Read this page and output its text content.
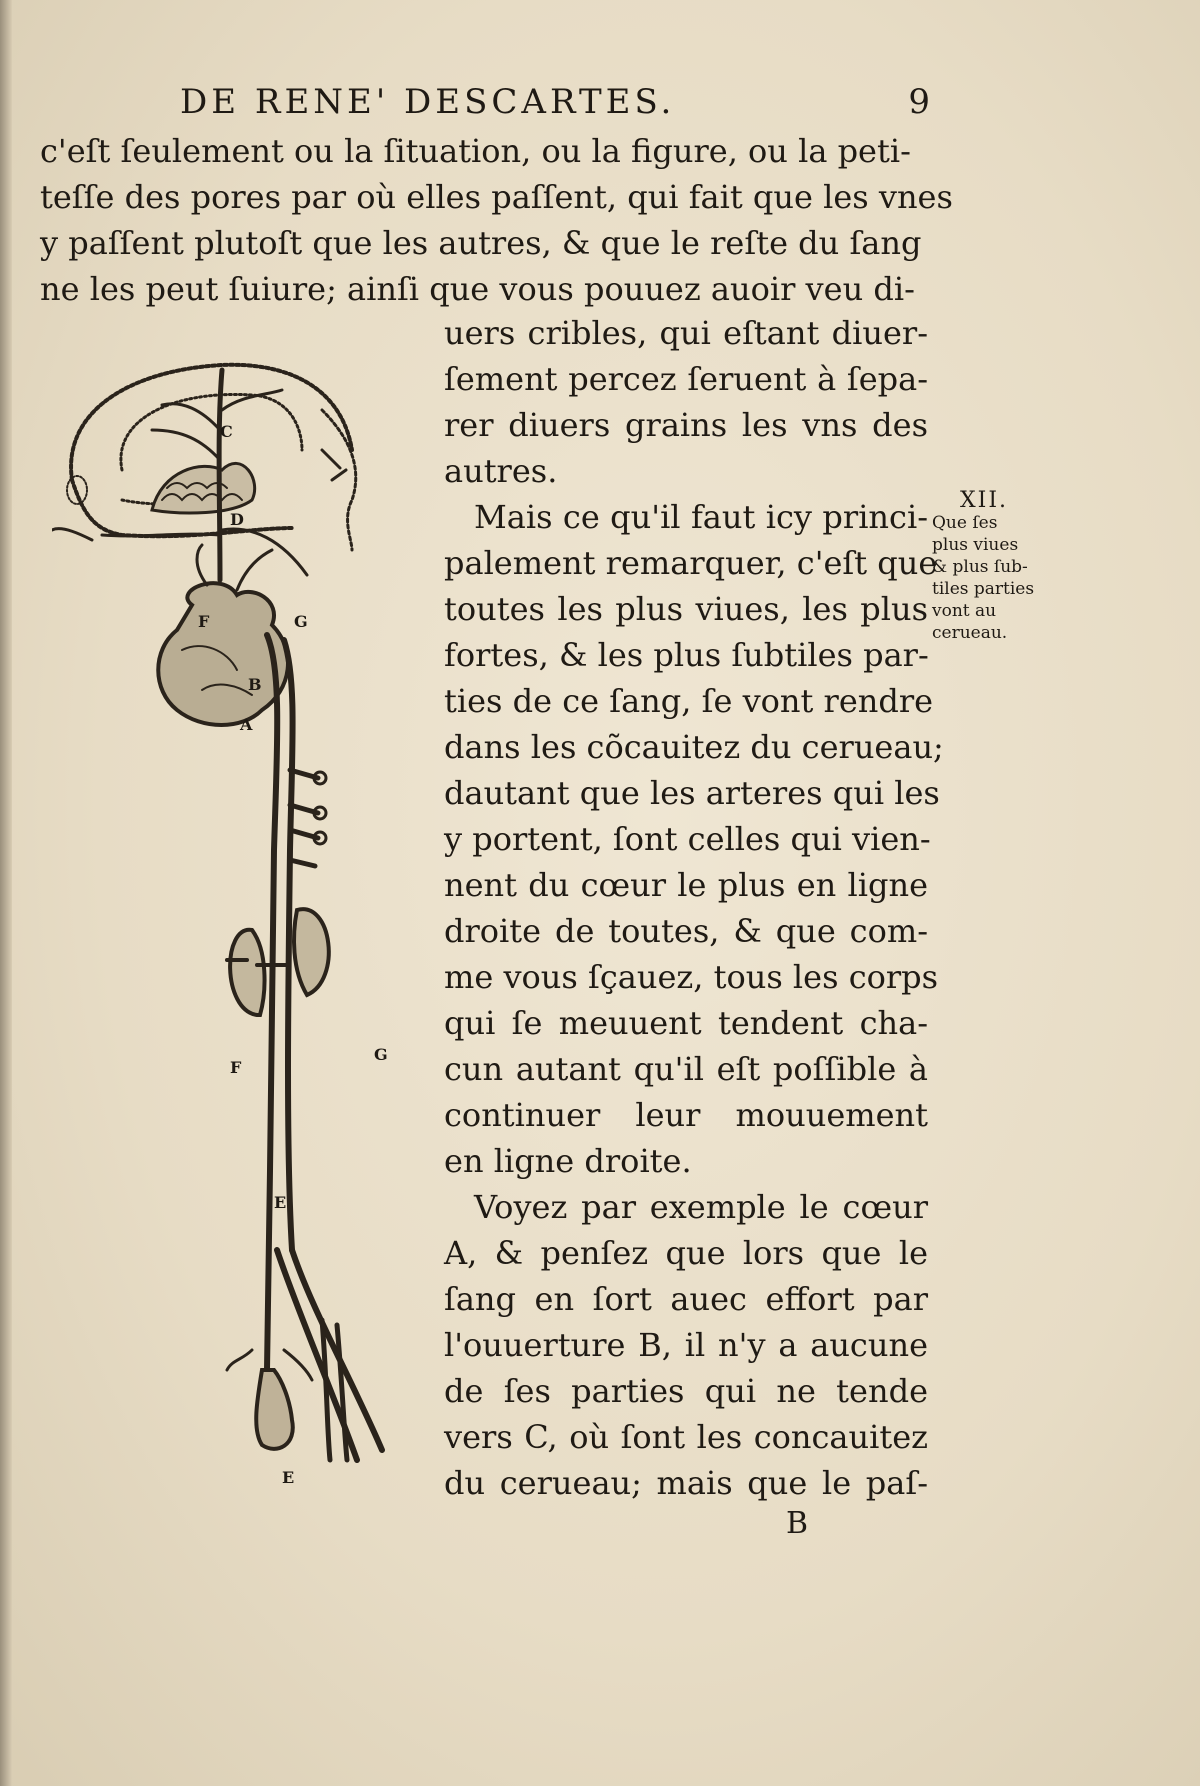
DE RENE' DESCARTES.	9
c'eſt ſeulement ou la ſituation, ou la figure, ou la peti-
teſſe des pores par où elles paſſent, qui fait que les vnes
y paſſent plutoſt que les autres, & que le reſte du ſang
ne les peut ſuiure; ainſi que vous pouuez auoir veu di-
C
D
F	G
B
A
F
G
E
E
uers cribles, qui eſtant diuer-
ſement percez ſeruent à ſepa-
rer diuers grains les vns des
autres.
Mais ce qu'il faut icy princi-
palement remarquer, c'eſt que
toutes les plus viues, les plus
fortes, & les plus ſubtiles par-
ties de ce ſang, ſe vont rendre
dans les cõcauitez du cerueau;
dautant que les arteres qui les
y portent, ſont celles qui vien-
nent du cœur le plus en ligne
droite de toutes, & que com-
me vous ſçauez, tous les corps
qui ſe meuuent tendent cha-
cun autant qu'il eſt poſſible à
continuer leur mouuement
en ligne droite.
Voyez par exemple le cœur
A, & penſez que lors que le
ſang en ſort auec effort par
l'ouuerture B, il n'y a aucune
de ſes parties qui ne tende
vers C, où ſont les concauitez
du cerueau; mais que le paſ-
XII.
Que ſes
plus viues
& plus ſub-
tiles parties
vont au
cerueau.
B
